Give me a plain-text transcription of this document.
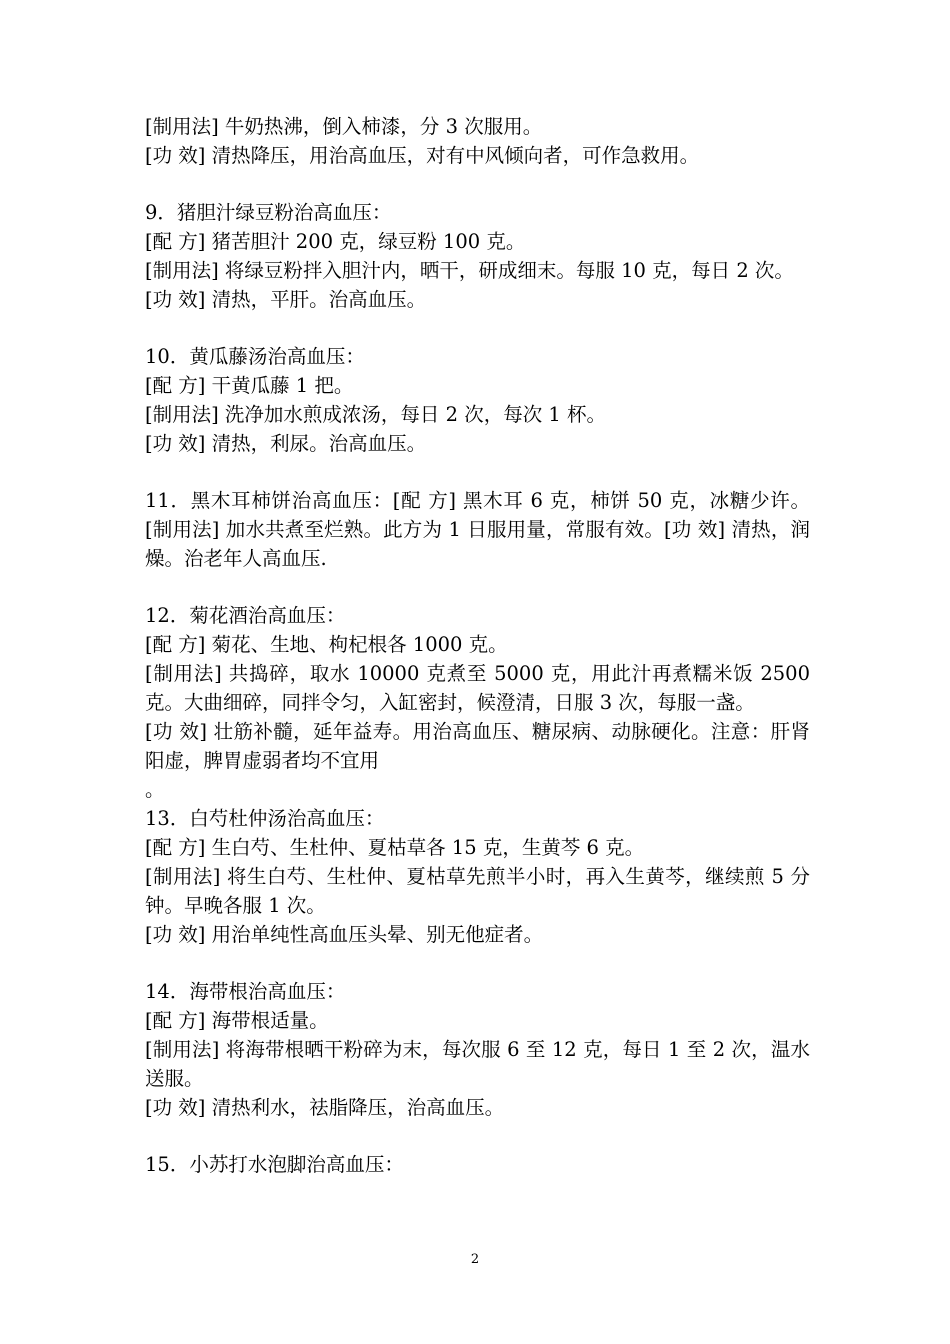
[制用法] 牛奶热沸，倒入柿漆，分 3 次服用。
[功 效] 清热降压，用治高血压，对有中风倾向者，可作急救用。
9．猪胆汁绿豆粉治高血压：
[配 方] 猪苦胆汁 200 克，绿豆粉 100 克。
[制用法] 将绿豆粉拌入胆汁内，晒干，研成细末。每服 10 克，每日 2 次。
[功 效] 清热，平肝。治高血压。
10．黄瓜藤汤治高血压：
[配 方] 干黄瓜藤 1 把。
[制用法] 洗净加水煎成浓汤，每日 2 次，每次 1 杯。
[功 效] 清热，利尿。治高血压。
11．黑木耳柿饼治高血压：[配 方] 黑木耳 6 克，柿饼 50 克，冰糖少许。[制用法] 加水共煮至烂熟。此方为 1 日服用量，常服有效。[功 效] 清热，润燥。治老年人高血压.
12．菊花酒治高血压：
[配 方] 菊花、生地、枸杞根各 1000 克。
[制用法] 共捣碎，取水 10000 克煮至 5000 克，用此汁再煮糯米饭 2500 克。大曲细碎，同拌令匀，入缸密封，候澄清，日服 3 次，每服一盏。
[功 效] 壮筋补髓，延年益寿。用治高血压、糖尿病、动脉硬化。注意：肝肾阳虚，脾胃虚弱者均不宜用
。
13．白芍杜仲汤治高血压：
[配 方] 生白芍、生杜仲、夏枯草各 15 克，生黄芩 6 克。
[制用法] 将生白芍、生杜仲、夏枯草先煎半小时，再入生黄芩，继续煎 5 分钟。早晚各服 1 次。
[功 效] 用治单纯性高血压头晕、别无他症者。
14．海带根治高血压：
[配 方] 海带根适量。
[制用法] 将海带根晒干粉碎为末，每次服 6 至 12 克，每日 1 至 2 次，温水送服。
[功 效] 清热利水，祛脂降压，治高血压。
15．小苏打水泡脚治高血压：
2
